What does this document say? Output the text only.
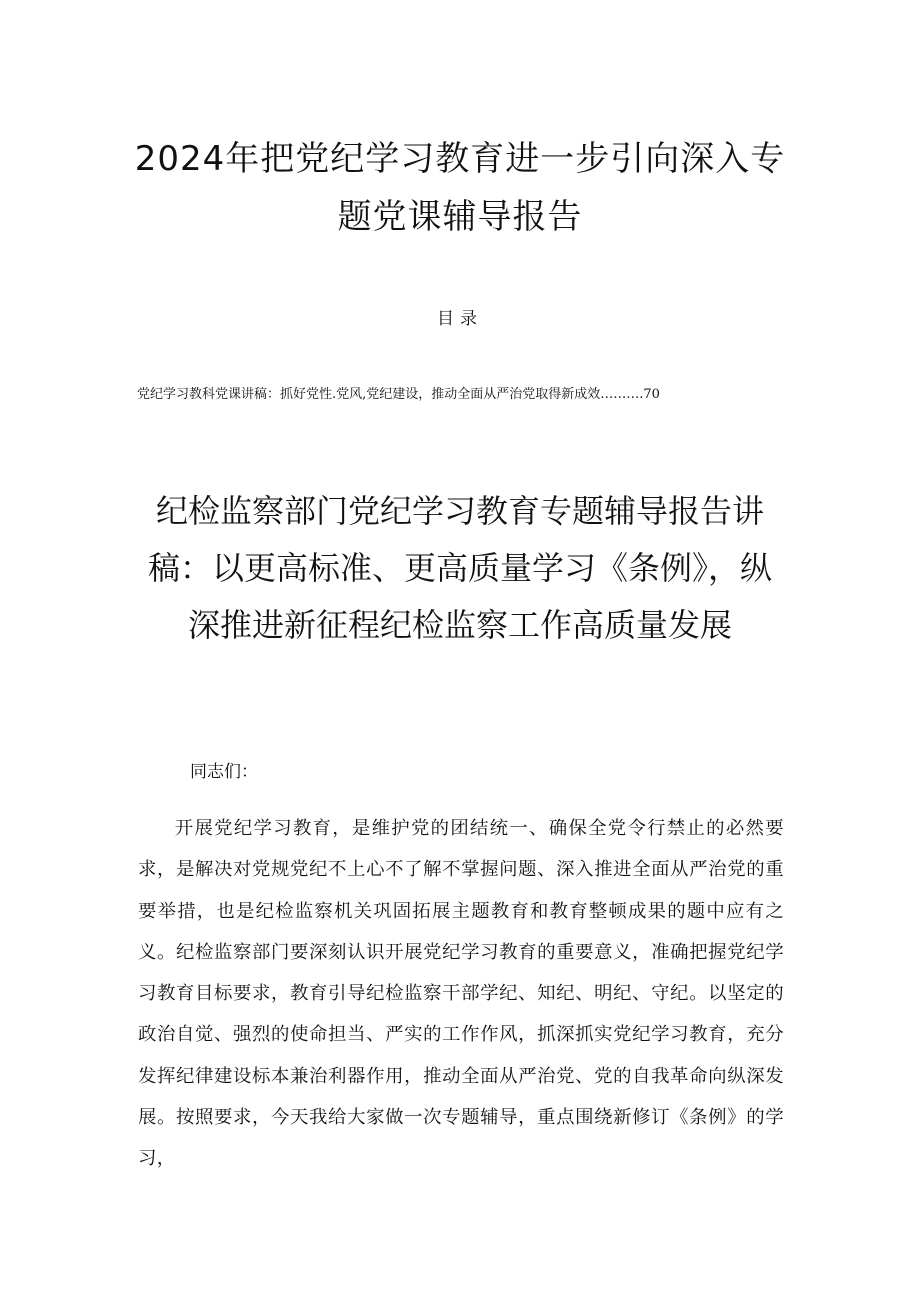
2024年把党纪学习教育进一步引向深入专题党课辅导报告
目录
党纪学习教科党课讲稿：抓好党性.党风,党纪建设，推动全面从严治党取得新成效……….70
纪检监察部门党纪学习教育专题辅导报告讲稿：以更高标准、更高质量学习《条例》，纵深推进新征程纪检监察工作高质量发展
同志们：

开展党纪学习教育，是维护党的团结统一、确保全党令行禁止的必然要求，是解决对党规党纪不上心不了解不掌握问题、深入推进全面从严治党的重要举措，也是纪检监察机关巩固拓展主题教育和教育整顿成果的题中应有之义。纪检监察部门要深刻认识开展党纪学习教育的重要意义，准确把握党纪学习教育目标要求，教育引导纪检监察干部学纪、知纪、明纪、守纪。以坚定的政治自觉、强烈的使命担当、严实的工作作风，抓深抓实党纪学习教育，充分发挥纪律建设标本兼治利器作用，推动全面从严治党、党的自我革命向纵深发展。按照要求，今天我给大家做一次专题辅导，重点围绕新修订《条例》的学习，
